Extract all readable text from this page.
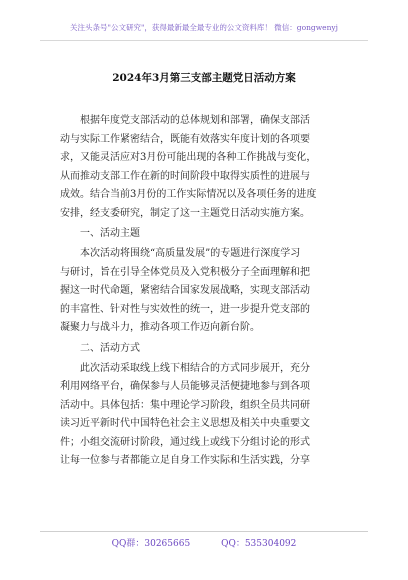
关注头条号"公文研究"，获得最新最全最专业的公文资料库！ 微信：gongwenyj
2024年3月第三支部主题党日活动方案
根据年度党支部活动的总体规划和部署，确保支部活
动与实际工作紧密结合，既能有效落实年度计划的各项要
求，又能灵活应对3月份可能出现的各种工作挑战与变化，
从而推动支部工作在新的时间阶段中取得实质性的进展与
成效。结合当前3月份的工作实际情况以及各项任务的进度
安排，经支委研究，制定了这一主题党日活动实施方案。
一、活动主题
本次活动将围绕“高质量发展”的专题进行深度学习
与研讨，旨在引导全体党员及入党积极分子全面理解和把
握这一时代命题，紧密结合国家发展战略，实现支部活动
的丰富性、针对性与实效性的统一，进一步提升党支部的
凝聚力与战斗力，推动各项工作迈向新台阶。
二、活动方式
此次活动采取线上线下相结合的方式同步展开，充分
利用网络平台，确保参与人员能够灵活便捷地参与到各项
活动中。具体包括：集中理论学习阶段，组织全员共同研
读习近平新时代中国特色社会主义思想及相关中央重要文
件；小组交流研讨阶段，通过线上或线下分组讨论的形式
让每一位参与者都能立足自身工作实际和生活实践，分享
QQ群：30265665	QQ：535304092
